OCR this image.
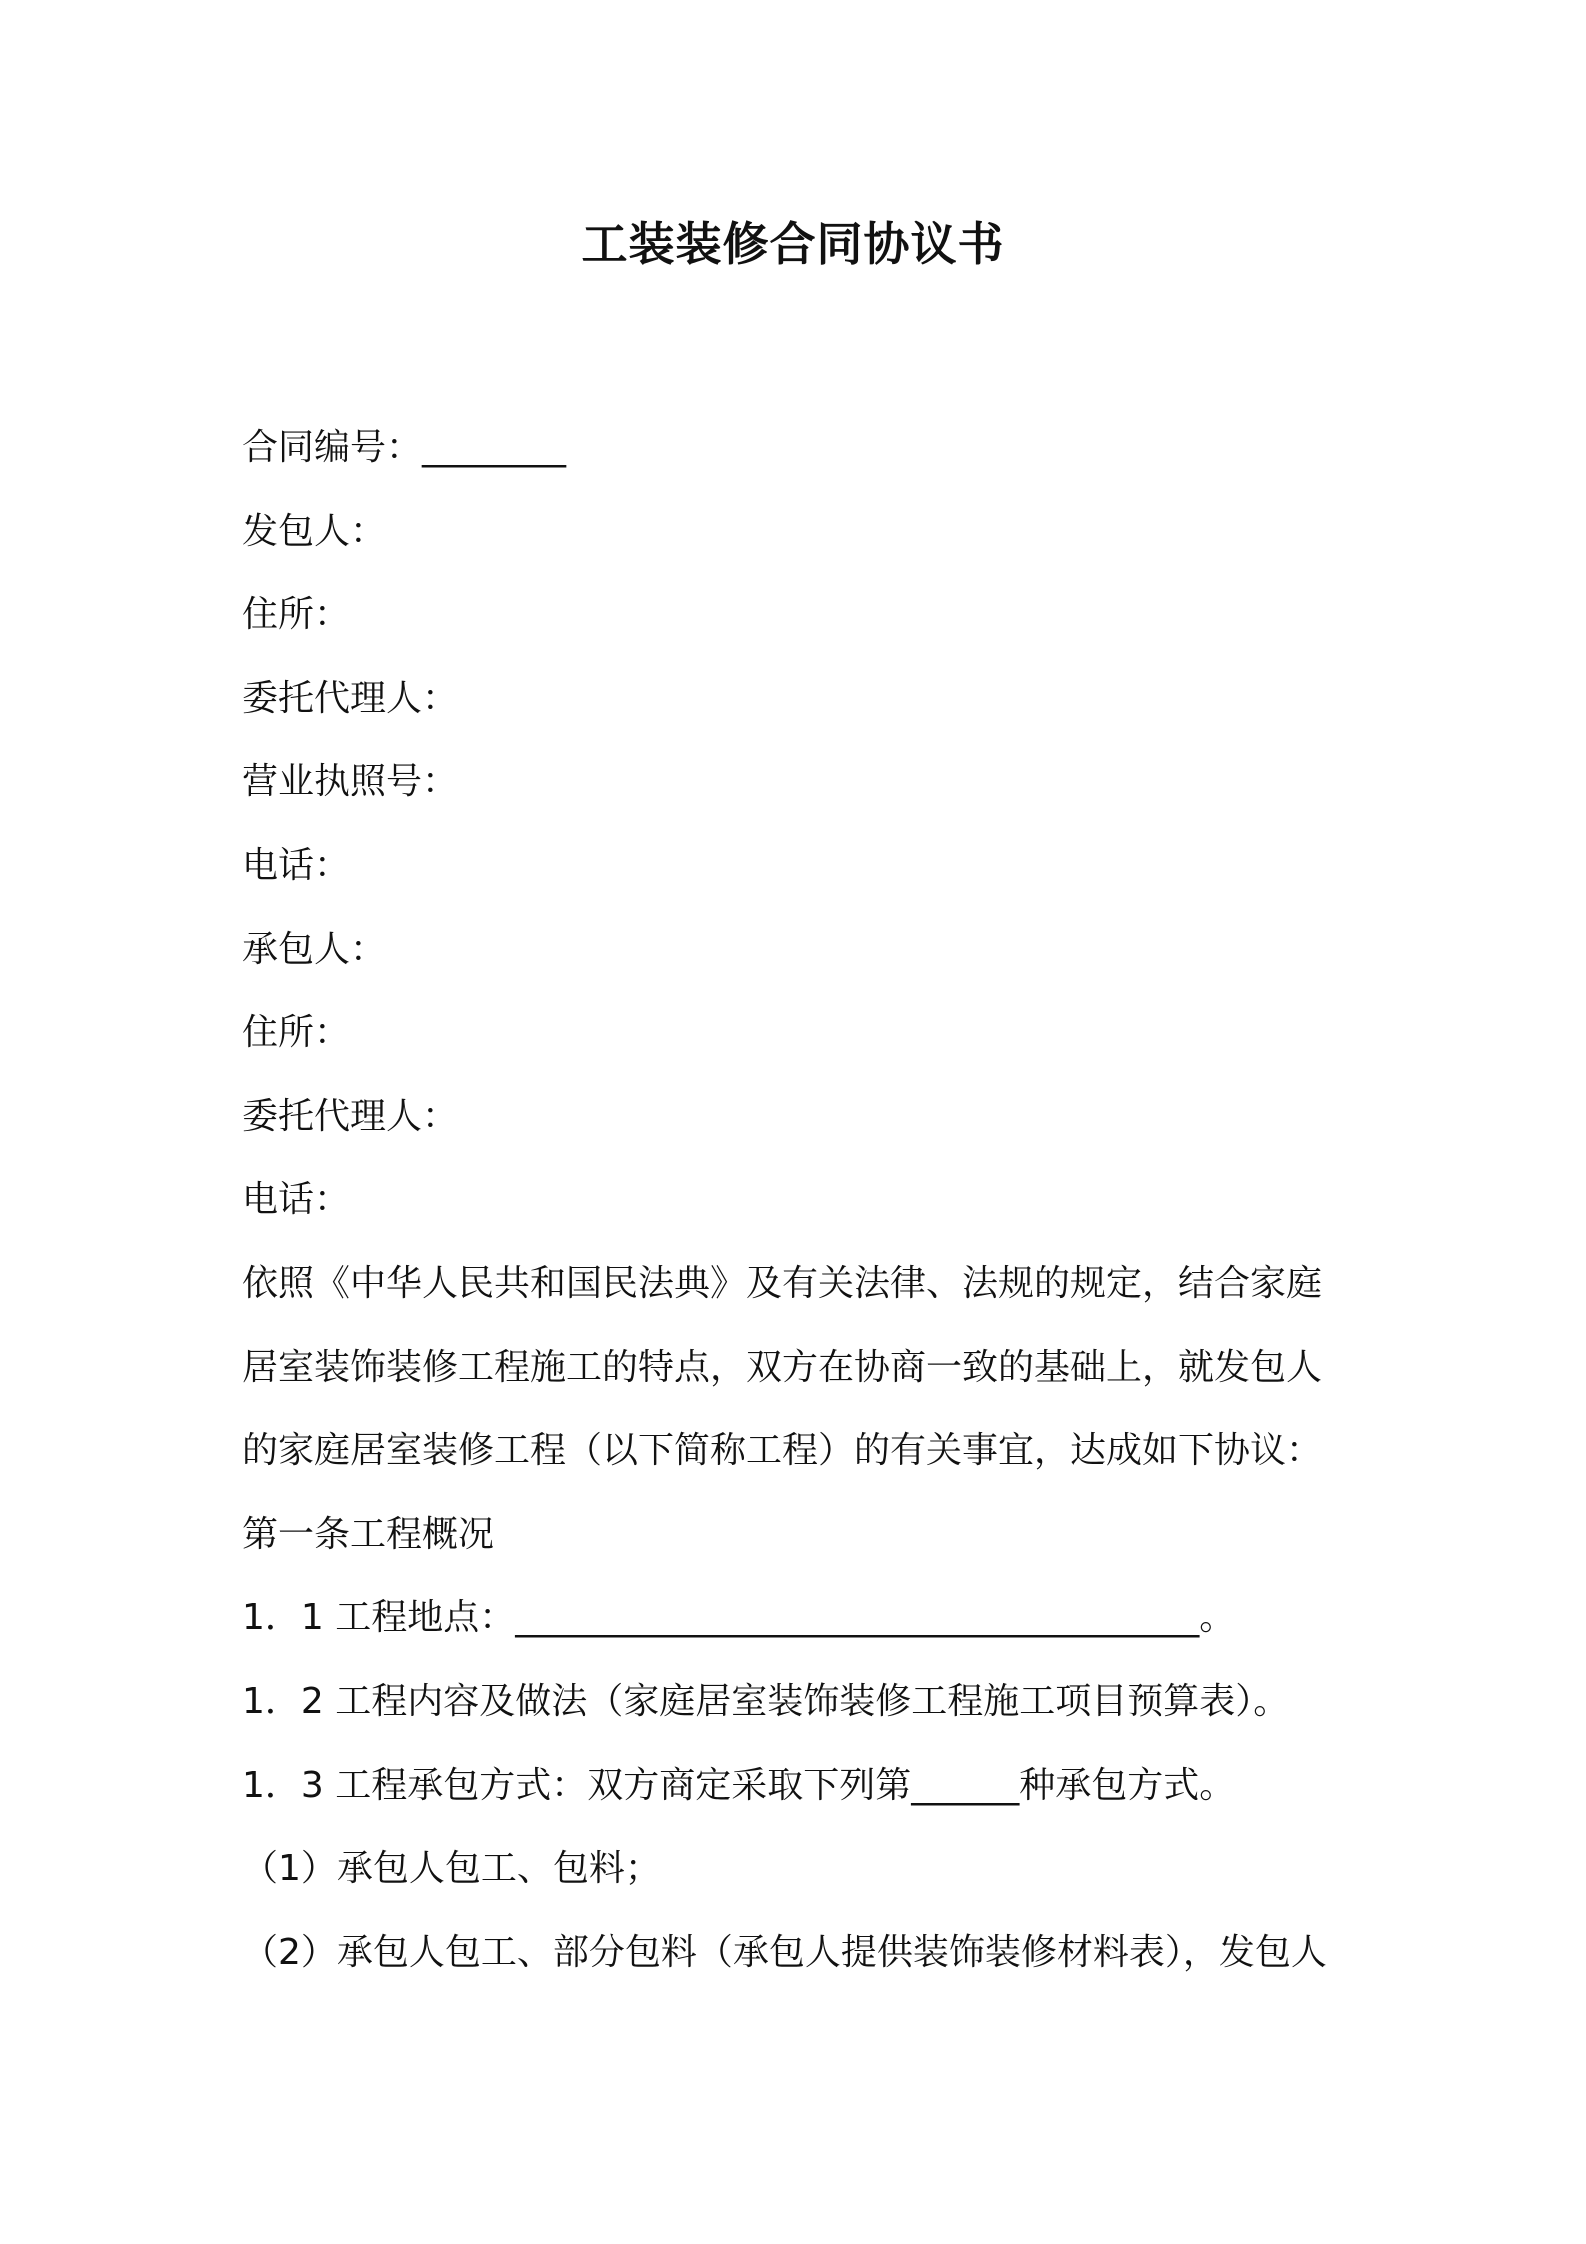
工装装修合同协议书
合同编号：________
发包人：
住所：
委托代理人：
营业执照号：
电话：
承包人：
住所：
委托代理人：
电话：
依照《中华人民共和国民法典》及有关法律、法规的规定，结合家庭
居室装饰装修工程施工的特点，双方在协商一致的基础上，就发包人
的家庭居室装修工程（以下简称工程）的有关事宜，达成如下协议：
第一条工程概况
1．1 工程地点：______________________________________。
1．2 工程内容及做法（家庭居室装饰装修工程施工项目预算表）。
1．3 工程承包方式：双方商定采取下列第______种承包方式。
（1）承包人包工、包料；
（2）承包人包工、部分包料（承包人提供装饰装修材料表），发包人
